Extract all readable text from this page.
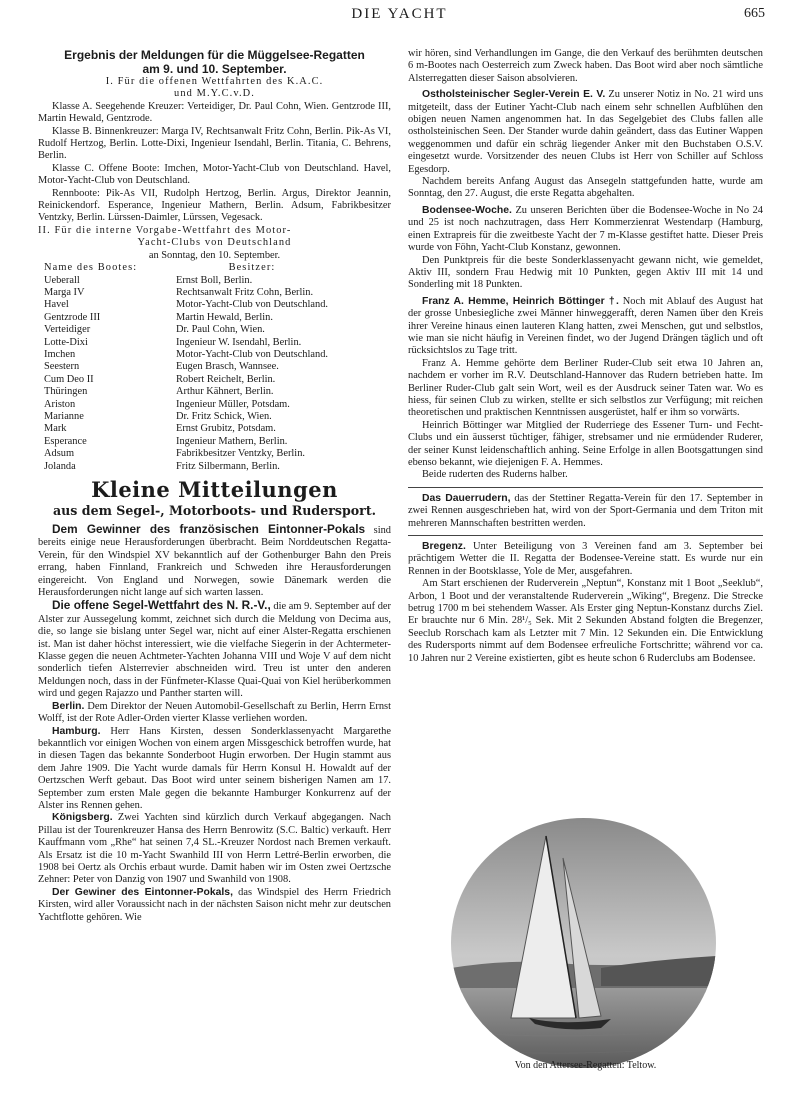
DIE YACHT	665
Ergebnis der Meldungen für die Müggelsee-Regatten
am 9. und 10. September.

I. Für die offenen Wettfahrten des K.A.C.

und M.Y.C.v.D.

Klasse A. Seegehende Kreuzer: Verteidiger, Dr. Paul Cohn, Wien. Gentzrode III, Martin Hewald, Gentzrode.

Klasse B. Binnenkreuzer: Marga IV, Rechtsanwalt Fritz Cohn, Berlin. Pik-As VI, Rudolf Hertzog, Berlin. Lotte-Dixi, Ingenieur Isendahl, Berlin. Titania, C. Behrens, Berlin.

Klasse C. Offene Boote: Imchen, Motor-Yacht-Club von Deutschland. Havel, Motor-Yacht-Club von Deutschland.

Rennboote: Pik-As VII, Rudolph Hertzog, Berlin. Argus, Direktor Jeannin, Reinickendorf. Esperance, Ingenieur Mathern, Berlin. Adsum, Fabrikbesitzer Ventzky, Berlin. Lürssen-Daimler, Lürssen, Vegesack.

II. Für die interne Vorgabe-Wettfahrt des Motor-

Yacht-Clubs von Deutschland

an Sonntag, den 10. September.

Name des Bootes:	Besitzer:
Ueberall	Ernst Boll, Berlin.
Marga IV	Rechtsanwalt Fritz Cohn, Berlin.
Havel	Motor-Yacht-Club von Deutschland.
Gentzrode III	Martin Hewald, Berlin.
Verteidiger	Dr. Paul Cohn, Wien.
Lotte-Dixi	Ingenieur W. Isendahl, Berlin.
Imchen	Motor-Yacht-Club von Deutschland.
Seestern	Eugen Brasch, Wannsee.
Cum Deo II	Robert Reichelt, Berlin.
Thüringen	Arthur Kähnert, Berlin.
Ariston	Ingenieur Müller, Potsdam.
Marianne	Dr. Fritz Schick, Wien.
Mark	Ernst Grubitz, Potsdam.
Esperance	Ingenieur Mathern, Berlin.
Adsum	Fabrikbesitzer Ventzky, Berlin.
Jolanda	Fritz Silbermann, Berlin.
Kleine Mitteilungen
aus dem Segel-, Motorboots- und Rudersport.

Dem Gewinner des französischen Eintonner-Pokals sind bereits einige neue Herausforderungen überbracht. Beim Norddeutschen Regatta-Verein, für den Windspiel XV bekanntlich auf der Gothenburger Bahn den Preis errang, haben Finnland, Frankreich und Schweden ihre Herausforderungen eingereicht. Von England und Norwegen, sowie Dänemark werden die Herausforderungen nicht lange auf sich warten lassen.

Die offene Segel-Wettfahrt des N. R.-V., die am 9. September auf der Alster zur Aussegelung kommt, zeichnet sich durch die Meldung von Decima aus, die, so lange sie bislang unter Segel war, nicht auf einer Alster-Regatta erschienen ist. Man ist daher höchst interessiert, wie die vielfache Siegerin in der Achtermeter-Klasse gegen die neuen Achtmeter-Yachten Johanna VIII und Woje V auf dem nicht sonderlich tiefen Alsterrevier abschneiden wird. Treu ist unter den anderen Meldungen noch, dass in der Fünfmeter-Klasse Quai-Quai von Kiel herüberkommen wird und gegen Rajazzo und Panther starten will.

Berlin. Dem Direktor der Neuen Automobil-Gesellschaft zu Berlin, Herrn Ernst Wolff, ist der Rote Adler-Orden vierter Klasse verliehen worden.

Hamburg. Herr Hans Kirsten, dessen Sonderklassenyacht Margarethe bekanntlich vor einigen Wochen von einem argen Missgeschick betroffen wurde, hat in diesen Tagen das bekannte Sonderboot Hugin erworben. Der Hugin stammt aus dem Jahre 1909. Die Yacht wurde damals für Herrn Konsul H. Howaldt auf der Oertzschen Werft gebaut. Das Boot wird unter seinem bisherigen Namen am 17. September zum ersten Male gegen die bekannte Hamburger Konkurrenz auf der Alster ins Rennen gehen.

Königsberg. Zwei Yachten sind kürzlich durch Verkauf abgegangen. Nach Pillau ist der Tourenkreuzer Hansa des Herrn Benrowitz (S.C. Baltic) verkauft. Herr Kauffmann vom „Rhe“ hat seinen 7,4 SL.-Kreuzer Nordost nach Bremen verkauft. Als Ersatz ist die 10 m-Yacht Swanhild III von Herrn Lettré-Berlin erworben, die 1908 bei Oertz als Orchis erbaut wurde. Damit haben wir im Osten zwei Oertzsche Zehner: Peter von Danzig von 1907 und Swanhild von 1908.

Der Gewiner des Eintonner-Pokals, das Windspiel des Herrn Friedrich Kirsten, wird aller Voraussicht nach in der nächsten Saison nicht mehr zur deutschen Yachtflotte gehören. Wie

wir hören, sind Verhandlungen im Gange, die den Verkauf des berühmten deutschen 6 m-Bootes nach Oesterreich zum Zweck haben. Das Boot wird aber noch sämtliche Alsterregatten dieser Saison absolvieren.

Ostholsteinischer Segler-Verein E. V. Zu unserer Notiz in No. 21 wird uns mitgeteilt, dass der Eutiner Yacht-Club nach einem sehr schnellen Aufblühen den obigen neuen Namen angenommen hat. In das Segelgebiet des Clubs fallen alle ostholsteinischen Seen. Der Stander wurde dahin geändert, dass das Eutiner Wappen weggenommen und dafür ein schräg liegender Anker mit den Buchstaben O.S.V. eingesetzt wurde. Vorsitzender des neuen Clubs ist Herr von Schiller auf Schloss Egesdorp.

Nachdem bereits Anfang August das Ansegeln stattgefunden hatte, wurde am Sonntag, den 27. August, die erste Regatta abgehalten.

Bodensee-Woche. Zu unseren Berichten über die Bodensee-Woche in No 24 und 25 ist noch nachzutragen, dass Herr Kommerzienrat Westendarp (Hamburg, einen Extrapreis für die zweitbeste Yacht der 7 m-Klasse gestiftet hatte. Dieser Preis wurde von Föhn, Yacht-Club Konstanz, gewonnen.

Den Punktpreis für die beste Sonderklassenyacht gewann nicht, wie gemeldet, Aktiv III, sondern Frau Hedwig mit 10 Punkten, gegen Aktiv III mit 14 und Sonderling mit 18 Punkten.

Franz A. Hemme, Heinrich Böttinger †. Noch mit Ablauf des August hat der grosse Unbesiegliche zwei Männer hinweggerafft, deren Namen über den Kreis ihrer Vereine hinaus einen lauteren Klang hatten, zwei Menschen, gut und selbstlos, wie man sie nicht häufig in Vereinen findet, wo der Jugend Drängen täglich und oft rücksichtslos zu Tage tritt.

Franz A. Hemme gehörte dem Berliner Ruder-Club seit etwa 10 Jahren an, nachdem er vorher im R.V. Deutschland-Hannover das Rudern betrieben hatte. Im Berliner Ruder-Club galt sein Wort, weil es der Ausdruck seiner Taten war. Wo es hiess, für seinen Club zu wirken, stellte er sich selbstlos zur Verfügung; mit reichen theoretischen und praktischen Kenntnissen ausgerüstet, half er ihm so vorwärts.

Heinrich Böttinger war Mitglied der Ruderriege des Essener Turn- und Fecht-Clubs und ein äusserst tüchtiger, fähiger, strebsamer und nie ermüdender Ruderer, der seiner Kunst leidenschaftlich anhing. Seine Erfolge in allen Bootsgattungen sind ebenso bekannt, wie diejenigen F. A. Hemmes.

Beide ruderten des Ruderns halber.

Das Dauerrudern, das der Stettiner Regatta-Verein für den 17. September in zwei Rennen ausgeschrieben hat, wird von der Sport-Germania und dem Triton mit mehreren Mannschaften bestritten werden.

Bregenz. Unter Beteiligung von 3 Vereinen fand am 3. September bei prächtigem Wetter die II. Regatta der Bodensee-Vereine statt. Es wurde nur ein Rennen in der Bootsklasse, Yole de Mer, ausgefahren.

Am Start erschienen der Ruderverein „Neptun“, Konstanz mit 1 Boot „Seeklub“, Arbon, 1 Boot und der veranstaltende Ruderverein „Wiking“, Bregenz. Die Strecke betrug 1700 m bei stehendem Wasser. Als Erster ging Neptun-Konstanz durchs Ziel. Er brauchte nur 6 Min. 28¹/₅ Sek. Mit 2 Sekunden Abstand folgten die Bregenzer, Seeclub Rorschach kam als Letzter mit 7 Min. 12 Sekunden ein. Die Entwicklung des Rudersports nimmt auf dem Bodensee erfreuliche Fortschritte; während vor ca. 10 Jahren nur 2 Vereine existierten, gibt es heute schon 6 Ruderclubs am Bodensee.

Von den Attersee-Regatten: Teltow.
